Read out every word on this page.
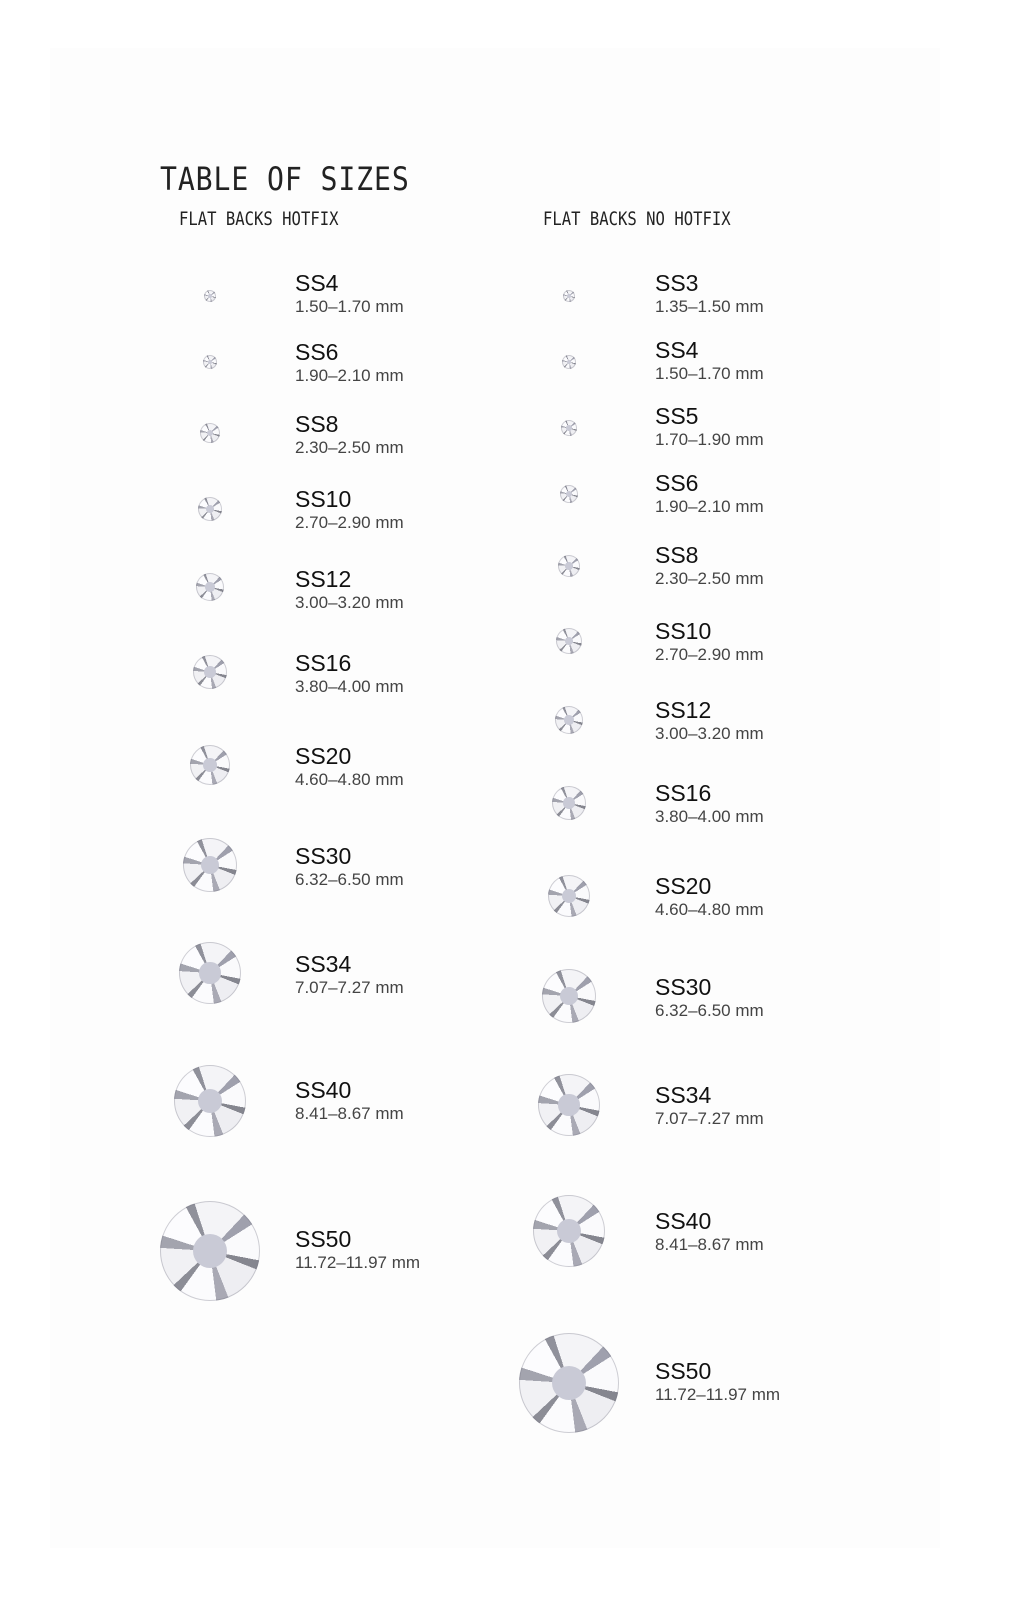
TABLE OF SIZES
FLAT BACKS HOTFIX	FLAT BACKS NO HOTFIX
SS4
1.50–1.70 mm
SS6
1.90–2.10 mm
SS8
2.30–2.50 mm
SS10
2.70–2.90 mm
SS12
3.00–3.20 mm
SS16
3.80–4.00 mm
SS20
4.60–4.80 mm
SS30
6.32–6.50 mm
SS34
7.07–7.27 mm
SS40
8.41–8.67 mm
SS50
11.72–11.97 mm
SS3
1.35–1.50 mm
SS4
1.50–1.70 mm
SS5
1.70–1.90 mm
SS6
1.90–2.10 mm
SS8
2.30–2.50 mm
SS10
2.70–2.90 mm
SS12
3.00–3.20 mm
SS16
3.80–4.00 mm
SS20
4.60–4.80 mm
SS30
6.32–6.50 mm
SS34
7.07–7.27 mm
SS40
8.41–8.67 mm
SS50
11.72–11.97 mm
